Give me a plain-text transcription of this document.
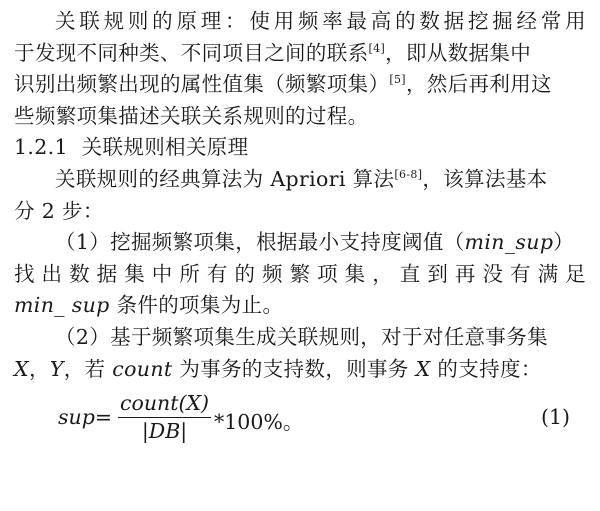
关联规则的原理：使用频率最高的数据挖掘经常用
于发现不同种类、不同项目之间的联系[4]，即从数据集中
识别出频繁出现的属性值集（频繁项集）[5]，然后再利用这
些频繁项集描述关联关系规则的过程。
1.2.1 关联规则相关原理
关联规则的经典算法为 Apriori 算法[6-8]，该算法基本
分 2 步：
（1）挖掘频繁项集，根据最小支持度阈值（min_sup）
找出数据集中所有的频繁项集，直到再没有满足
min_ sup 条件的项集为止。
（2）基于频繁项集生成关联规则，对于对任意事务集
X，Y，若 count 为事务的支持数，则事务 X 的支持度：
sup=
count(X)
|DB| *100%。	(1)
